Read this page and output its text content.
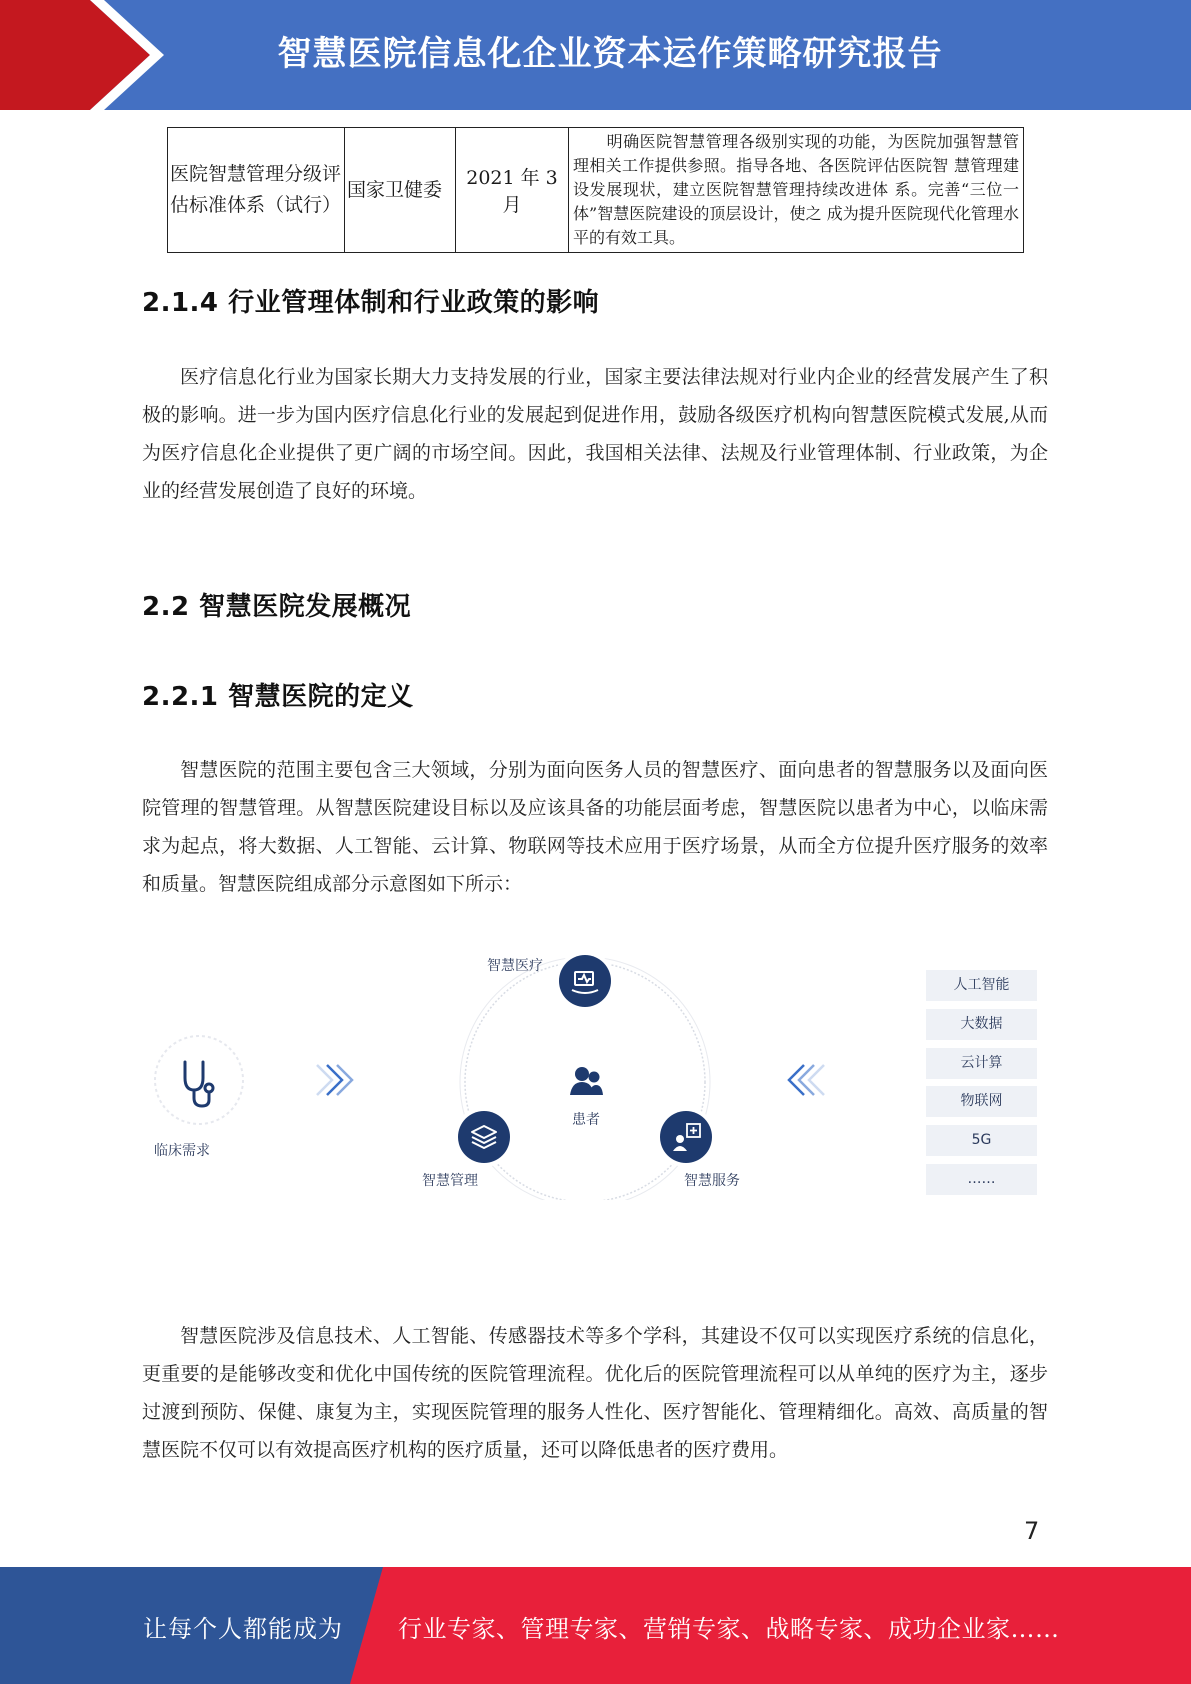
智慧医院信息化企业资本运作策略研究报告
医院智慧管理分级评估标准体系（试行）	国家卫健委	2021 年 3 月	明确医院智慧管理各级别实现的功能，为医院加强智慧管理相关工作提供参照。指导各地、各医院评估医院智 慧管理建设发展现状，建立医院智慧管理持续改进体 系。完善“三位一体”智慧医院建设的顶层设计，使之 成为提升医院现代化管理水平的有效工具。
2.1.4 行业管理体制和行业政策的影响

医疗信息化行业为国家长期大力支持发展的行业，国家主要法律法规对行业内企业的经营发展产生了积极的影响。进一步为国内医疗信息化行业的发展起到促进作用，鼓励各级医疗机构向智慧医院模式发展,从而为医疗信息化企业提供了更广阔的市场空间。因此，我国相关法律、法规及行业管理体制、行业政策，为企业的经营发展创造了良好的环境。

2.2 智慧医院发展概况
2.2.1 智慧医院的定义

智慧医院的范围主要包含三大领域，分别为面向医务人员的智慧医疗、面向患者的智慧服务以及面向医院管理的智慧管理。从智慧医院建设目标以及应该具备的功能层面考虑，智慧医院以患者为中心，以临床需求为起点，将大数据、人工智能、云计算、物联网等技术应用于医疗场景，从而全方位提升医疗服务的效率和质量。智慧医院组成部分示意图如下所示：

临床需求
智慧医疗
患者
智慧管理	智慧服务
人工智能
大数据
云计算
物联网
5G
……

智慧医院涉及信息技术、人工智能、传感器技术等多个学科，其建设不仅可以实现医疗系统的信息化，更重要的是能够改变和优化中国传统的医院管理流程。优化后的医院管理流程可以从单纯的医疗为主，逐步过渡到预防、保健、康复为主，实现医院管理的服务人性化、医疗智能化、管理精细化。高效、高质量的智慧医院不仅可以有效提高医疗机构的医疗质量，还可以降低患者的医疗费用。

7
让每个人都能成为 行业专家、管理专家、营销专家、战略专家、成功企业家……
